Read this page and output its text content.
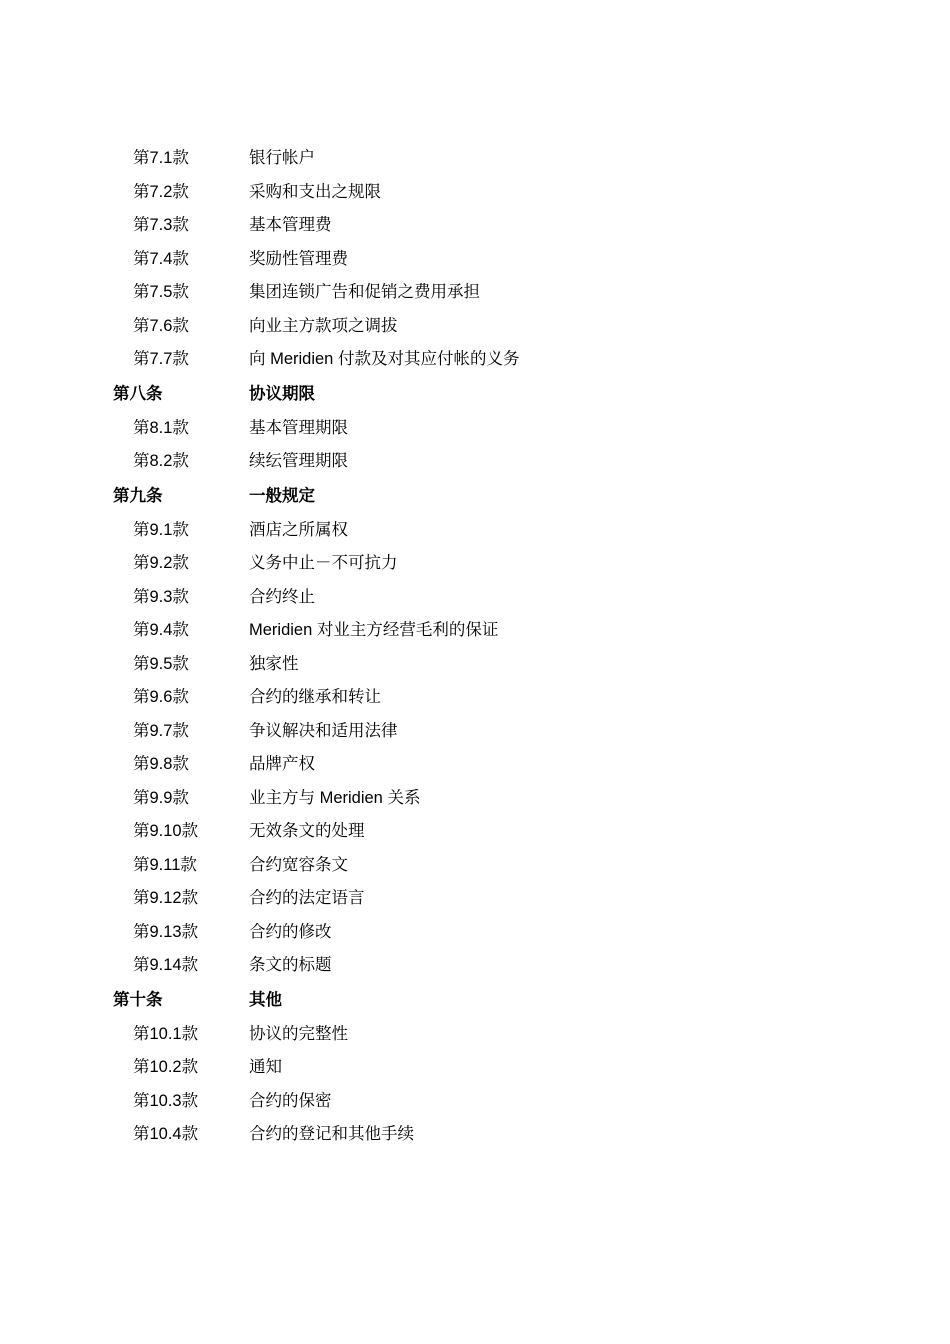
第7.1款	银行帐户
第7.2款	采购和支出之规限
第7.3款	基本管理费
第7.4款	奖励性管理费
第7.5款	集团连锁广告和促销之费用承担
第7.6款	向业主方款项之调拔
第7.7款	向 Meridien 付款及对其应付帐的义务
第八条	协议期限
第8.1款	基本管理期限
第8.2款	续纭管理期限
第九条	一般规定
第9.1款	酒店之所属权
第9.2款	义务中止－不可抗力
第9.3款	合约终止
第9.4款	Meridien 对业主方经营毛利的保证
第9.5款	独家性
第9.6款	合约的继承和转让
第9.7款	争议解决和适用法律
第9.8款	品牌产权
第9.9款	业主方与 Meridien 关系
第9.10款	无效条文的处理
第9.11款	合约宽容条文
第9.12款	合约的法定语言
第9.13款	合约的修改
第9.14款	条文的标题
第十条	其他
第10.1款	协议的完整性
第10.2款	通知
第10.3款	合约的保密
第10.4款	合约的登记和其他手续
